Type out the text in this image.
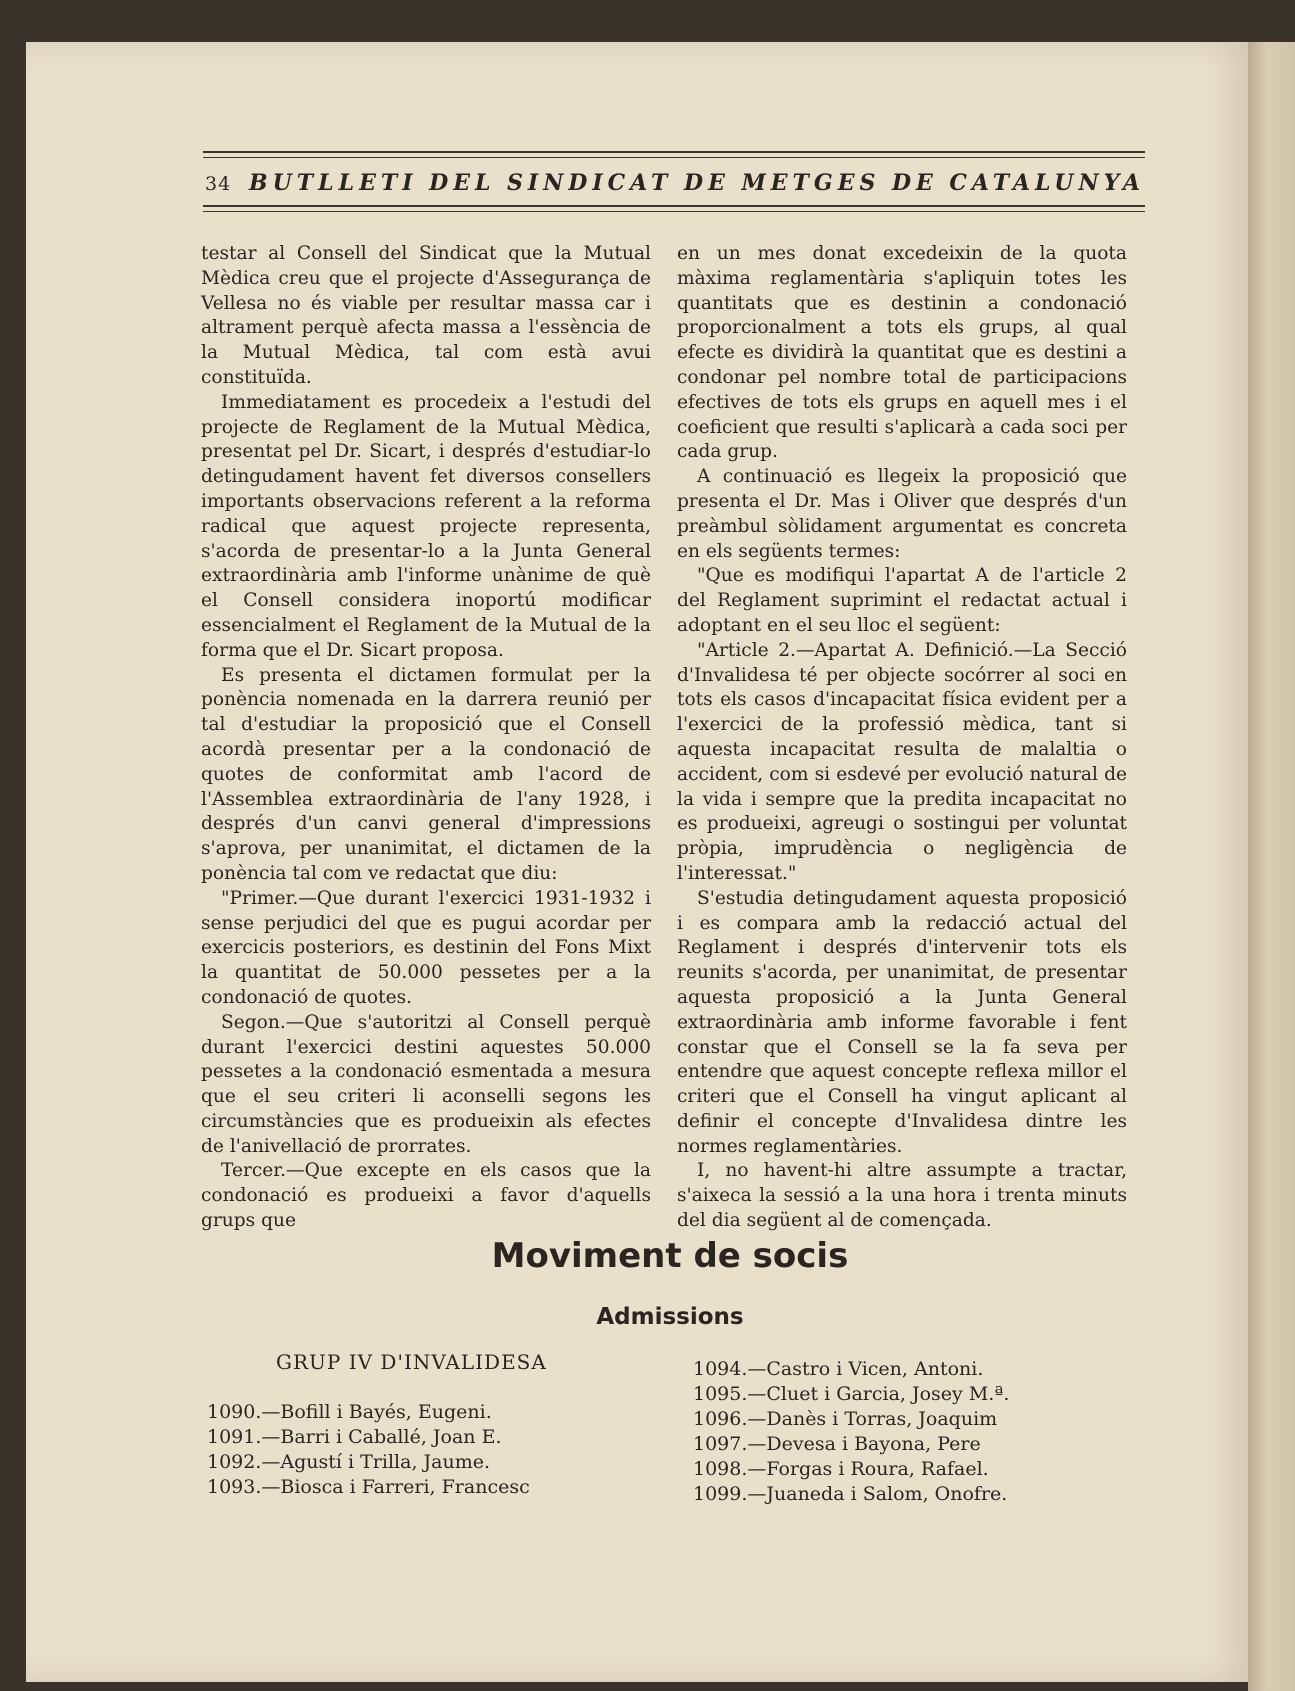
34 BUTLLETI DEL SINDICAT DE METGES DE CATALUNYA

testar al Consell del Sindicat que la Mutual Mèdica creu que el projecte d'Assegurança de Vellesa no és viable per resultar massa car i altrament perquè afecta massa a l'essència de la Mutual Mèdica, tal com està avui constituïda.

Immediatament es procedeix a l'estudi del projecte de Reglament de la Mutual Mèdica, presentat pel Dr. Sicart, i després d'estudiar-lo detingudament havent fet diversos consellers importants observacions referent a la reforma radical que aquest projecte representa, s'acorda de presentar-lo a la Junta General extraordinària amb l'informe unànime de què el Consell considera inoportú modificar essencialment el Reglament de la Mutual de la forma que el Dr. Sicart proposa.

Es presenta el dictamen formulat per la ponència nomenada en la darrera reunió per tal d'estudiar la proposició que el Consell acordà presentar per a la condonació de quotes de conformitat amb l'acord de l'Assemblea extraordinària de l'any 1928, i després d'un canvi general d'impressions s'aprova, per unanimitat, el dictamen de la ponència tal com ve redactat que diu:

"Primer.—Que durant l'exercici 1931-1932 i sense perjudici del que es pugui acordar per exercicis posteriors, es destinin del Fons Mixt la quantitat de 50.000 pessetes per a la condonació de quotes.

Segon.—Que s'autoritzi al Consell perquè durant l'exercici destini aquestes 50.000 pessetes a la condonació esmentada a mesura que el seu criteri li aconselli segons les circumstàncies que es produeixin als efectes de l'anivellació de prorrates.

Tercer.—Que excepte en els casos que la condonació es produeixi a favor d'aquells grups que

en un mes donat excedeixin de la quota màxima reglamentària s'apliquin totes les quantitats que es destinin a condonació proporcionalment a tots els grups, al qual efecte es dividirà la quantitat que es destini a condonar pel nombre total de participacions efectives de tots els grups en aquell mes i el coeficient que resulti s'aplicarà a cada soci per cada grup.

A continuació es llegeix la proposició que presenta el Dr. Mas i Oliver que després d'un preàmbul sòlidament argumentat es concreta en els següents termes:

"Que es modifiqui l'apartat A de l'article 2 del Reglament suprimint el redactat actual i adoptant en el seu lloc el següent:

"Article 2.—Apartat A. Definició.—La Secció d'Invalidesa té per objecte socórrer al soci en tots els casos d'incapacitat física evident per a l'exercici de la professió mèdica, tant si aquesta incapacitat resulta de malaltia o accident, com si esdevé per evolució natural de la vida i sempre que la predita incapacitat no es produeixi, agreugi o sostingui per voluntat pròpia, imprudència o negligència de l'interessat."

S'estudia detingudament aquesta proposició i es compara amb la redacció actual del Reglament i després d'intervenir tots els reunits s'acorda, per unanimitat, de presentar aquesta proposició a la Junta General extraordinària amb informe favorable i fent constar que el Consell se la fa seva per entendre que aquest concepte reflexa millor el criteri que el Consell ha vingut aplicant al definir el concepte d'Invalidesa dintre les normes reglamentàries.

I, no havent-hi altre assumpte a tractar, s'aixeca la sessió a la una hora i trenta minuts del dia següent al de començada.

Moviment de socis
Admissions
GRUP IV D'INVALIDESA
1090.—Bofill i Bayés, Eugeni.
1091.—Barri i Caballé, Joan E.
1092.—Agustí i Trilla, Jaume.
1093.—Biosca i Farreri, Francesc
1094.—Castro i Vicen, Antoni.
1095.—Cluet i Garcia, Josey M.ª.
1096.—Danès i Torras, Joaquim
1097.—Devesa i Bayona, Pere
1098.—Forgas i Roura, Rafael.
1099.—Juaneda i Salom, Onofre.
